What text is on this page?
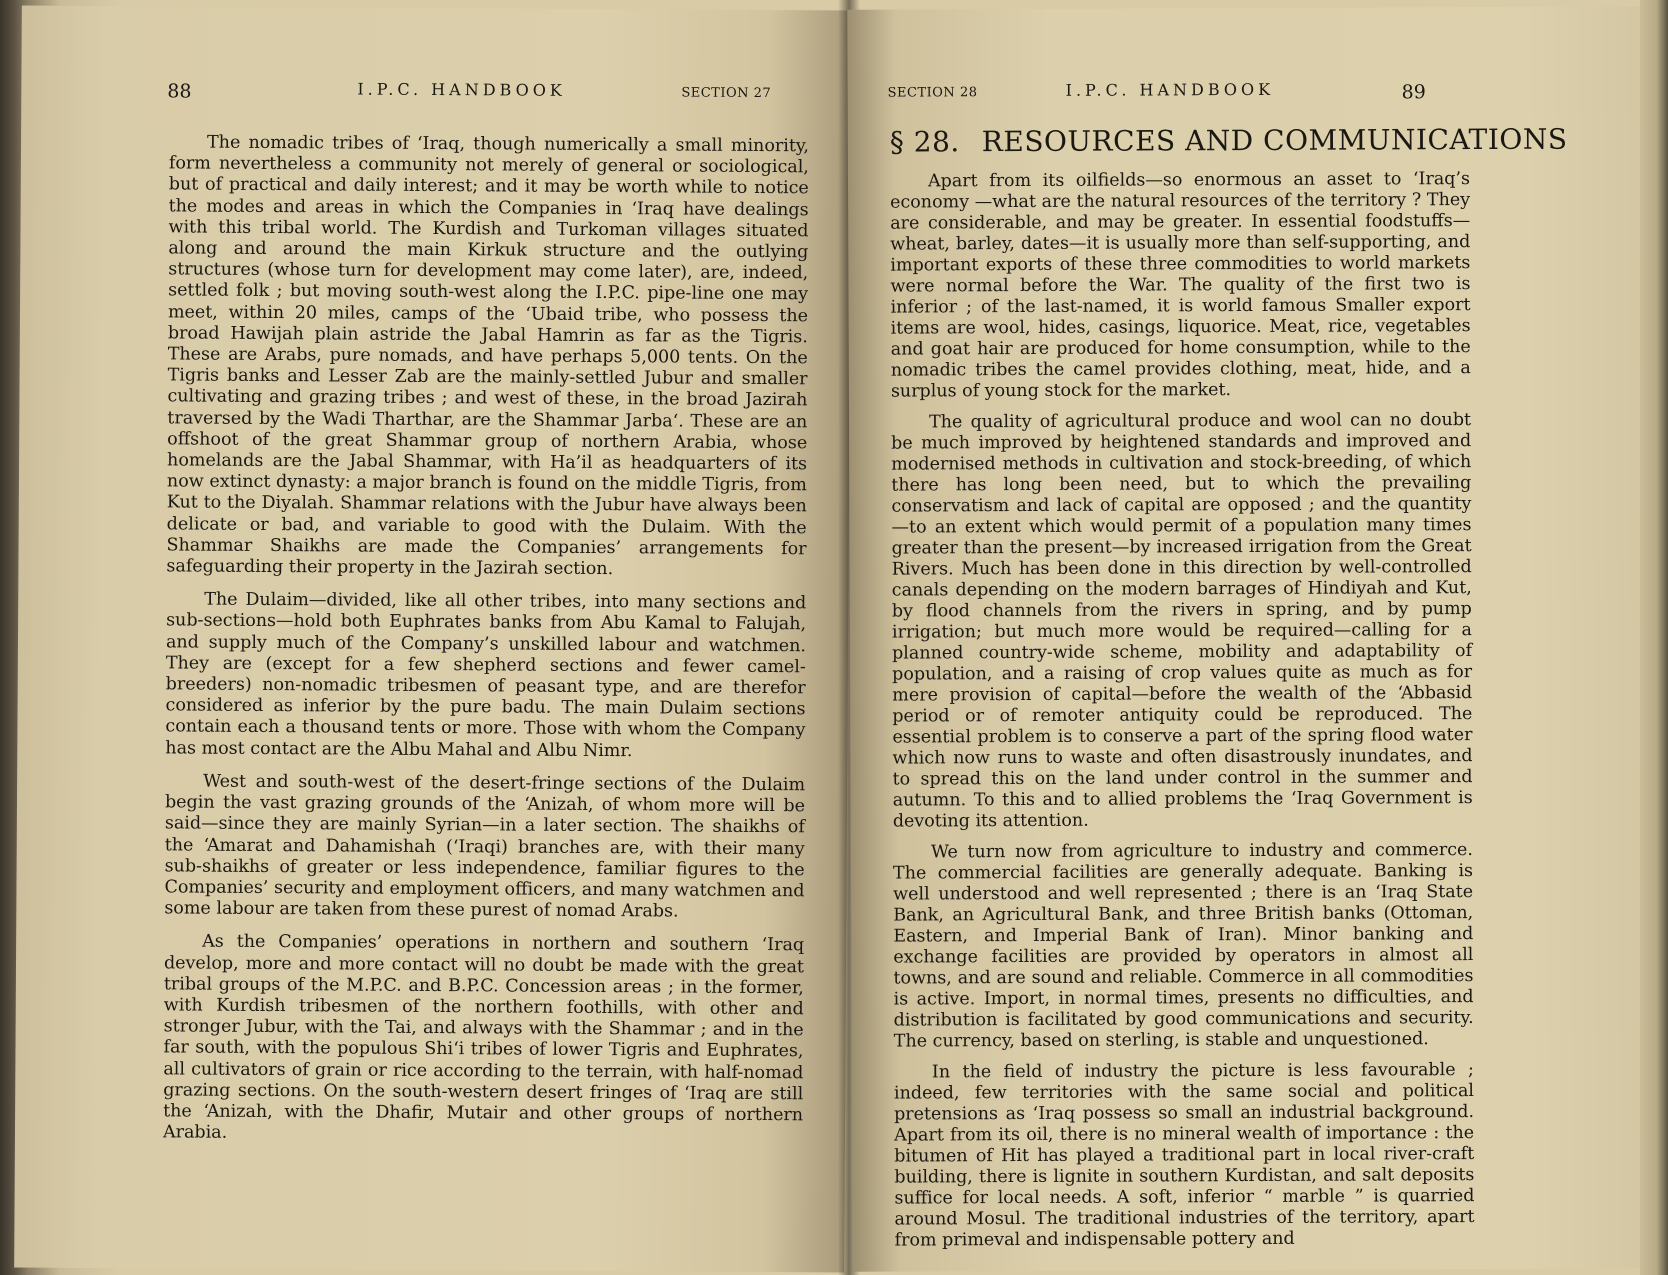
88	I.P.C. HANDBOOK	SECTION 27

The nomadic tribes of ‘Iraq, though numerically a small minority, form nevertheless a community not merely of general or sociological, but of practical and daily interest; and it may be worth while to notice the modes and areas in which the Companies in ‘Iraq have dealings with this tribal world. The Kurdish and Turkoman villages situated along and around the main Kirkuk structure and the outlying structures (whose turn for development may come later), are, indeed, settled folk ; but moving south-west along the I.P.C. pipe-line one may meet, within 20 miles, camps of the ‘Ubaid tribe, who possess the broad Hawijah plain astride the Jabal Hamrin as far as the Tigris. These are Arabs, pure nomads, and have perhaps 5,000 tents. On the Tigris banks and Lesser Zab are the mainly-settled Jubur and smaller cultivating and grazing tribes ; and west of these, in the broad Jazirah traversed by the Wadi Tharthar, are the Shammar Jarba‘. These are an offshoot of the great Shammar group of northern Arabia, whose homelands are the Jabal Shammar, with Ha’il as headquarters of its now extinct dynasty: a major branch is found on the middle Tigris, from Kut to the Diyalah. Shammar relations with the Jubur have always been delicate or bad, and variable to good with the Dulaim. With the Shammar Shaikhs are made the Companies’ arrangements for safeguarding their property in the Jazirah section.

The Dulaim—divided, like all other tribes, into many sections and sub-sections—hold both Euphrates banks from Abu Kamal to Falujah, and supply much of the Company’s unskilled labour and watchmen. They are (except for a few shepherd sections and fewer camel-breeders) non-nomadic tribesmen of peasant type, and are therefor considered as inferior by the pure badu. The main Dulaim sections contain each a thousand tents or more. Those with whom the Company has most contact are the Albu Mahal and Albu Nimr.

West and south-west of the desert-fringe sections of the Dulaim begin the vast grazing grounds of the ‘Anizah, of whom more will be said—since they are mainly Syrian—in a later section. The shaikhs of the ‘Amarat and Dahamishah (‘Iraqi) branches are, with their many sub-shaikhs of greater or less independence, familiar figures to the Companies’ security and employment officers, and many watchmen and some labour are taken from these purest of nomad Arabs.

As the Companies’ operations in northern and southern ‘Iraq develop, more and more contact will no doubt be made with the great tribal groups of the M.P.C. and B.P.C. Concession areas ; in the former, with Kurdish tribesmen of the northern foothills, with other and stronger Jubur, with the Tai, and always with the Shammar ; and in the far south, with the populous Shi‘i tribes of lower Tigris and Euphrates, all cultivators of grain or rice according to the terrain, with half-nomad grazing sections. On the south-western desert fringes of ‘Iraq are still the ‘Anizah, with the Dhafir, Mutair and other groups of northern Arabia.

SECTION 28	I.P.C. HANDBOOK	89
§ 28. RESOURCES AND COMMUNICATIONS

Apart from its oilfields—so enormous an asset to ‘Iraq’s economy —what are the natural resources of the territory ? They are considerable, and may be greater. In essential foodstuffs—wheat, barley, dates—it is usually more than self-supporting, and important exports of these three commodities to world markets were normal before the War. The quality of the first two is inferior ; of the last-named, it is world famous Smaller export items are wool, hides, casings, liquorice. Meat, rice, vegetables and goat hair are produced for home consumption, while to the nomadic tribes the camel provides clothing, meat, hide, and a surplus of young stock for the market.

The quality of agricultural produce and wool can no doubt be much improved by heightened standards and improved and modernised methods in cultivation and stock-breeding, of which there has long been need, but to which the prevailing conservatism and lack of capital are opposed ; and the quantity—to an extent which would permit of a population many times greater than the present—by increased irrigation from the Great Rivers. Much has been done in this direction by well-controlled canals depending on the modern barrages of Hindiyah and Kut, by flood channels from the rivers in spring, and by pump irrigation; but much more would be required—calling for a planned country-wide scheme, mobility and adaptability of population, and a raising of crop values quite as much as for mere provision of capital—before the wealth of the ‘Abbasid period or of remoter antiquity could be reproduced. The essential problem is to conserve a part of the spring flood water which now runs to waste and often disastrously inundates, and to spread this on the land under control in the summer and autumn. To this and to allied problems the ‘Iraq Government is devoting its attention.

We turn now from agriculture to industry and commerce. The commercial facilities are generally adequate. Banking is well understood and well represented ; there is an ‘Iraq State Bank, an Agricultural Bank, and three British banks (Ottoman, Eastern, and Imperial Bank of Iran). Minor banking and exchange facilities are provided by operators in almost all towns, and are sound and reliable. Commerce in all commodities is active. Import, in normal times, presents no difficulties, and distribution is facilitated by good communications and security. The currency, based on sterling, is stable and unquestioned.

In the field of industry the picture is less favourable ; indeed, few territories with the same social and political pretensions as ‘Iraq possess so small an industrial background. Apart from its oil, there is no mineral wealth of importance : the bitumen of Hit has played a traditional part in local river-craft building, there is lignite in southern Kurdistan, and salt deposits suffice for local needs. A soft, inferior “ marble ” is quarried around Mosul. The traditional industries of the territory, apart from primeval and indispensable pottery and
